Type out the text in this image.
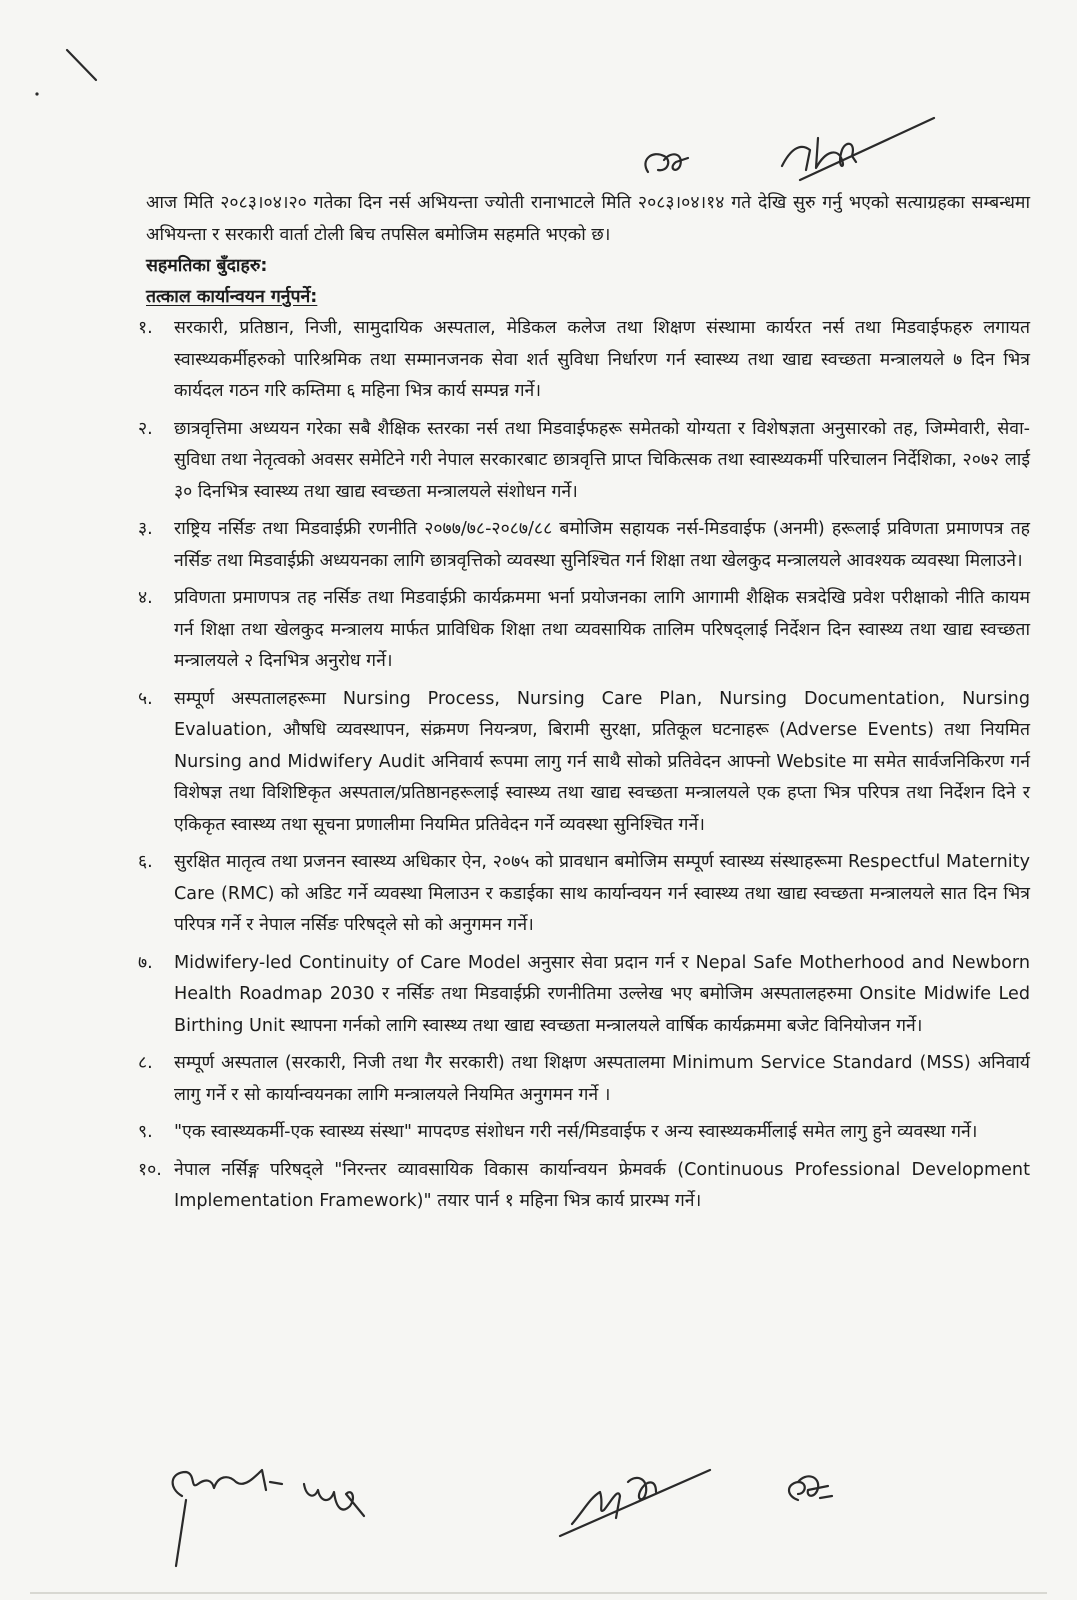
आज मिति २०८३।०४।२० गतेका दिन नर्स अभियन्ता ज्योती रानाभाटले मिति २०८३।०४।१४ गते देखि सुरु गर्नु भएको सत्याग्रहका सम्बन्धमा अभियन्ता र सरकारी वार्ता टोली बिच तपसिल बमोजिम सहमति भएको छ।

सहमतिका बुँदाहरु:
तत्काल कार्यान्वयन गर्नुपर्ने:
१. सरकारी, प्रतिष्ठान, निजी, सामुदायिक अस्पताल, मेडिकल कलेज तथा शिक्षण संस्थामा कार्यरत नर्स तथा मिडवाईफहरु लगायत स्वास्थ्यकर्मीहरुको पारिश्रमिक तथा सम्मानजनक सेवा शर्त सुविधा निर्धारण गर्न स्वास्थ्य तथा खाद्य स्वच्छता मन्त्रालयले ७ दिन भित्र कार्यदल गठन गरि कम्तिमा ६ महिना भित्र कार्य सम्पन्न गर्ने।
२. छात्रवृत्तिमा अध्ययन गरेका सबै शैक्षिक स्तरका नर्स तथा मिडवाईफहरू समेतको योग्यता र विशेषज्ञता अनुसारको तह, जिम्मेवारी, सेवा-सुविधा तथा नेतृत्वको अवसर समेटिने गरी नेपाल सरकारबाट छात्रवृत्ति प्राप्त चिकित्सक तथा स्वास्थ्यकर्मी परिचालन निर्देशिका, २०७२ लाई ३० दिनभित्र स्वास्थ्य तथा खाद्य स्वच्छता मन्त्रालयले संशोधन गर्ने।
३. राष्ट्रिय नर्सिङ तथा मिडवाईफ्री रणनीति २०७७/७८-२०८७/८८ बमोजिम सहायक नर्स-मिडवाईफ (अनमी) हरूलाई प्रविणता प्रमाणपत्र तह नर्सिङ तथा मिडवाईफ्री अध्ययनका लागि छात्रवृत्तिको व्यवस्था सुनिश्चित गर्न शिक्षा तथा खेलकुद मन्त्रालयले आवश्यक व्यवस्था मिलाउने।
४. प्रविणता प्रमाणपत्र तह नर्सिङ तथा मिडवाईफ्री कार्यक्रममा भर्ना प्रयोजनका लागि आगामी शैक्षिक सत्रदेखि प्रवेश परीक्षाको नीति कायम गर्न शिक्षा तथा खेलकुद मन्त्रालय मार्फत प्राविधिक शिक्षा तथा व्यवसायिक तालिम परिषद्लाई निर्देशन दिन स्वास्थ्य तथा खाद्य स्वच्छता मन्त्रालयले २ दिनभित्र अनुरोध गर्ने।
५. सम्पूर्ण अस्पतालहरूमा Nursing Process, Nursing Care Plan, Nursing Documentation, Nursing Evaluation, औषधि व्यवस्थापन, संक्रमण नियन्त्रण, बिरामी सुरक्षा, प्रतिकूल घटनाहरू (Adverse Events) तथा नियमित Nursing and Midwifery Audit अनिवार्य रूपमा लागु गर्न साथै सोको प्रतिवेदन आफ्नो Website मा समेत सार्वजनिकिरण गर्न विशेषज्ञ तथा विशिष्टिकृत अस्पताल/प्रतिष्ठानहरूलाई स्वास्थ्य तथा खाद्य स्वच्छता मन्त्रालयले एक हप्ता भित्र परिपत्र तथा निर्देशन दिने र एकिकृत स्वास्थ्य तथा सूचना प्रणालीमा नियमित प्रतिवेदन गर्ने व्यवस्था सुनिश्चित गर्ने।
६. सुरक्षित मातृत्व तथा प्रजनन स्वास्थ्य अधिकार ऐन, २०७५ को प्रावधान बमोजिम सम्पूर्ण स्वास्थ्य संस्थाहरूमा Respectful Maternity Care (RMC) को अडिट गर्ने व्यवस्था मिलाउन र कडाईका साथ कार्यान्वयन गर्न स्वास्थ्य तथा खाद्य स्वच्छता मन्त्रालयले सात दिन भित्र परिपत्र गर्ने र नेपाल नर्सिङ परिषद्ले सो को अनुगमन गर्ने।
७. Midwifery-led Continuity of Care Model अनुसार सेवा प्रदान गर्न र Nepal Safe Motherhood and Newborn Health Roadmap 2030 र नर्सिङ तथा मिडवाईफ्री रणनीतिमा उल्लेख भए बमोजिम अस्पतालहरुमा Onsite Midwife Led Birthing Unit स्थापना गर्नको लागि स्वास्थ्य तथा खाद्य स्वच्छता मन्त्रालयले वार्षिक कार्यक्रममा बजेट विनियोजन गर्ने।
८. सम्पूर्ण अस्पताल (सरकारी, निजी तथा गैर सरकारी) तथा शिक्षण अस्पतालमा Minimum Service Standard (MSS) अनिवार्य लागु गर्ने र सो कार्यान्वयनका लागि मन्त्रालयले नियमित अनुगमन गर्ने ।
९. "एक स्वास्थ्यकर्मी-एक स्वास्थ्य संस्था" मापदण्ड संशोधन गरी नर्स/मिडवाईफ र अन्य स्वास्थ्यकर्मीलाई समेत लागु हुने व्यवस्था गर्ने।
१०. नेपाल नर्सिङ्ग परिषद्ले "निरन्तर व्यावसायिक विकास कार्यान्वयन फ्रेमवर्क (Continuous Professional Development Implementation Framework)" तयार पार्न १ महिना भित्र कार्य प्रारम्भ गर्ने।
